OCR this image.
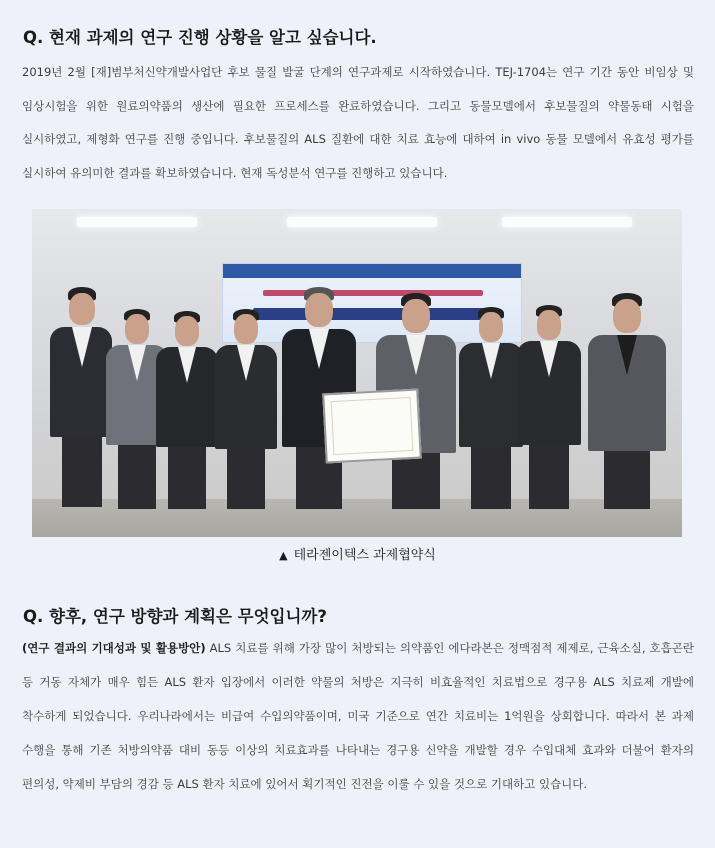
Q. 현재 과제의 연구 진행 상황을 알고 싶습니다.

2019년 2월 [재]범부처신약개발사업단 후보 물질 발굴 단계의 연구과제로 시작하였습니다. TEJ-1704는 연구 기간 동안 비임상 및 임상시험을 위한 원료의약품의 생산에 필요한 프로세스를 완료하였습니다. 그리고 동물모델에서 후보물질의 약물동태 시험을 실시하였고, 제형화 연구를 진행 중입니다. 후보물질의 ALS 질환에 대한 치료 효능에 대하여 in vivo 동물 모델에서 유효성 평가를 실시하여 유의미한 결과를 확보하였습니다. 현재 독성분석 연구를 진행하고 있습니다.

▲ 테라젠이텍스 과제협약식

Q. 향후, 연구 방향과 계획은 무엇입니까?

(연구 결과의 기대성과 및 활용방안) ALS 치료를 위해 가장 많이 처방되는 의약품인 에다라본은 정맥점적 제제로, 근육소실, 호흡곤란 등 거동 자체가 매우 힘든 ALS 환자 입장에서 이러한 약물의 처방은 지극히 비효율적인 치료법으로 경구용 ALS 치료제 개발에 착수하게 되었습니다. 우리나라에서는 비급여 수입의약품이며, 미국 기준으로 연간 치료비는 1억원을 상회합니다. 따라서 본 과제 수행을 통해 기존 처방의약품 대비 동등 이상의 치료효과를 나타내는 경구용 신약을 개발할 경우 수입대체 효과와 더불어 환자의 편의성, 약제비 부담의 경감 등 ALS 환자 치료에 있어서 획기적인 진전을 이룰 수 있을 것으로 기대하고 있습니다.
